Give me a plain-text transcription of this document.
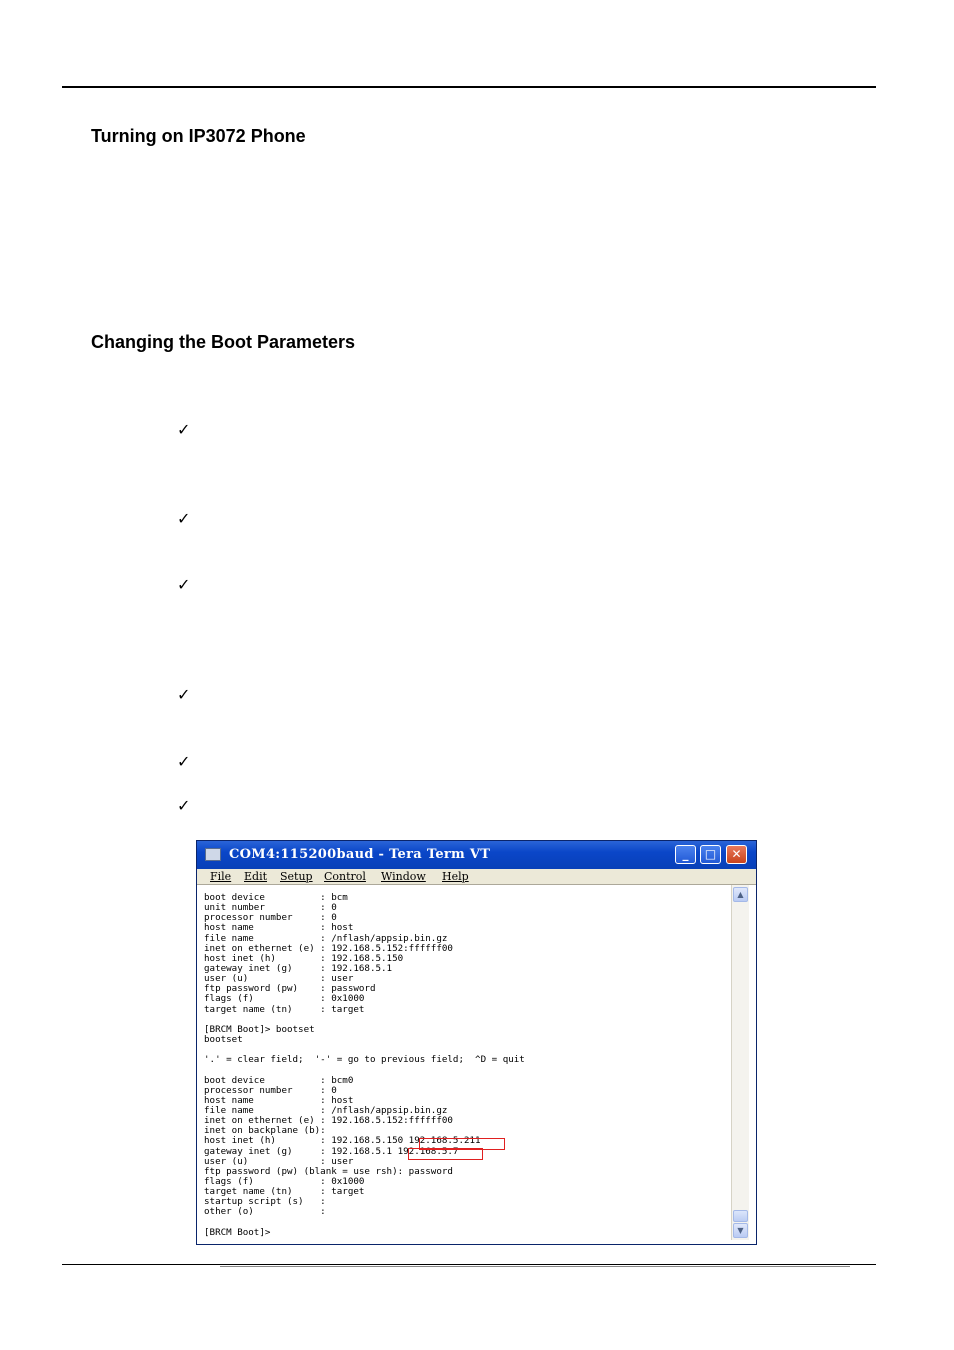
Turning on IP3072 Phone
Changing the Boot Parameters
✓
✓
✓
✓
✓
✓
COM4:115200baud - Tera Term VT	_	□	✕
File Edit Setup Control Window Help
boot device          : bcm
unit number          : 0
processor number     : 0
host name            : host
file name            : /nflash/appsip.bin.gz
inet on ethernet (e) : 192.168.5.152:ffffff00
host inet (h)        : 192.168.5.150
gateway inet (g)     : 192.168.5.1
user (u)             : user
ftp password (pw)    : password
flags (f)            : 0x1000
target name (tn)     : target
[BRCM Boot]> bootset
bootset
'.' = clear field;  '-' = go to previous field;  ^D = quit
boot device          : bcm0
processor number     : 0
host name            : host
file name            : /nflash/appsip.bin.gz
inet on ethernet (e) : 192.168.5.152:ffffff00
inet on backplane (b):
host inet (h)        : 192.168.5.150 192.168.5.211
gateway inet (g)     : 192.168.5.1 192.168.5.7
user (u)             : user
ftp password (pw) (blank = use rsh): password
flags (f)            : 0x1000
target name (tn)     : target
startup script (s)   :
other (o)            :
[BRCM Boot]>
▲
▼
